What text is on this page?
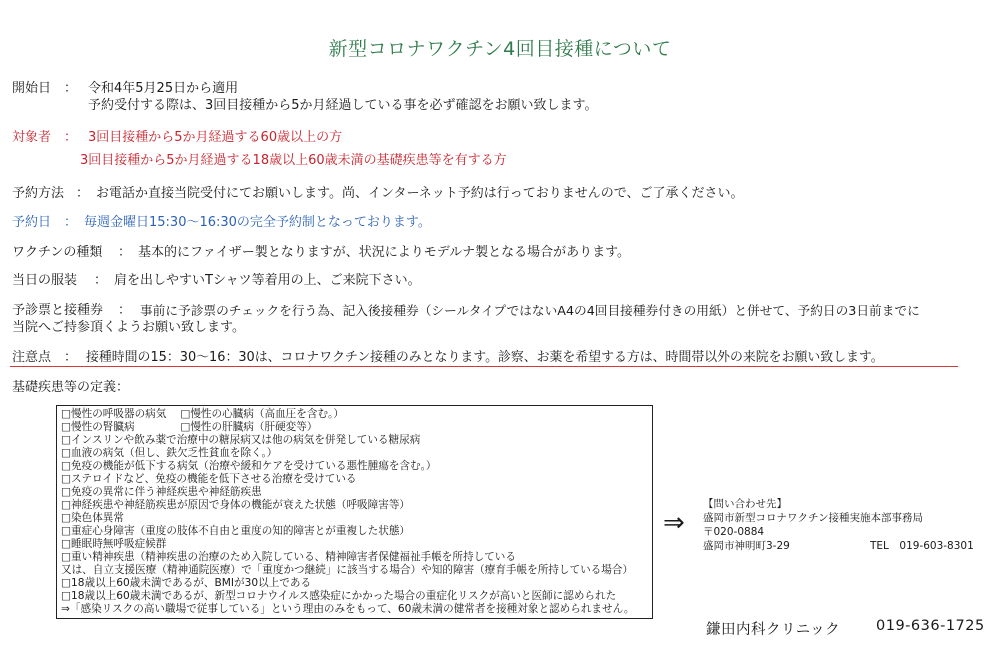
新型コロナワクチン4回目接種について
開始日 ： 令和4年5月25日から適用
予約受付する際は、3回目接種から5か月経過している事を必ず確認をお願い致します。
対象者 ： 3回目接種から5か月経過する60歳以上の方
3回目接種から5か月経過する18歳以上60歳未満の基礎疾患等を有する方
予約方法 ： お電話か直接当院受付にてお願いします。尚、インターネット予約は行っておりませんので、ご了承ください。
予約日 ： 毎週金曜日15:30～16:30の完全予約制となっております。
ワクチンの種類 ： 基本的にファイザー製となりますが、状況によりモデルナ製となる場合があります。
当日の服装 ： 肩を出しやすいTシャツ等着用の上、ご来院下さい。
予診票と接種券 ： 事前に予診票のチェックを行う為、記入後接種券（シールタイプではないA4の4回目接種券付きの用紙）と併せて、予約日の3日前までに
当院へご持参頂くようお願い致します。
注意点 ： 接種時間の15：30～16：30は、コロナワクチン接種のみとなります。診察、お薬を希望する方は、時間帯以外の来院をお願い致します。
基礎疾患等の定義：
□慢性の呼吸器の病気　 □慢性の心臓病（高血圧を含む。）
□慢性の腎臓病　　　　 □慢性の肝臓病（肝硬変等）
□インスリンや飲み薬で治療中の糖尿病又は他の病気を併発している糖尿病
□血液の病気（但し、鉄欠乏性貧血を除く。）
□免疫の機能が低下する病気（治療や緩和ケアを受けている悪性腫瘍を含む。）
□ステロイドなど、免疫の機能を低下させる治療を受けている
□免疫の異常に伴う神経疾患や神経筋疾患
□神経疾患や神経筋疾患が原因で身体の機能が衰えた状態（呼吸障害等）
□染色体異常
□重症心身障害（重度の肢体不自由と重度の知的障害とが重複した状態）
□睡眠時無呼吸症候群
□重い精神疾患（精神疾患の治療のため入院している、精神障害者保健福祉手帳を所持している
又は、自立支援医療（精神通院医療）で「重度かつ継続」に該当する場合）や知的障害（療育手帳を所持している場合）
□18歳以上60歳未満であるが、BMIが30以上である
□18歳以上60歳未満であるが、新型コロナウイルス感染症にかかった場合の重症化リスクが高いと医師に認められた
⇒「感染リスクの高い職場で従事している」という理由のみをもって、60歳未満の健常者を接種対象と認められません。
⇒
【問い合わせ先】
盛岡市新型コロナワクチン接種実施本部事務局
〒020-0884
盛岡市神明町3-29	TEL　019-603-8301
鎌田内科クリニック 019-636-1725
